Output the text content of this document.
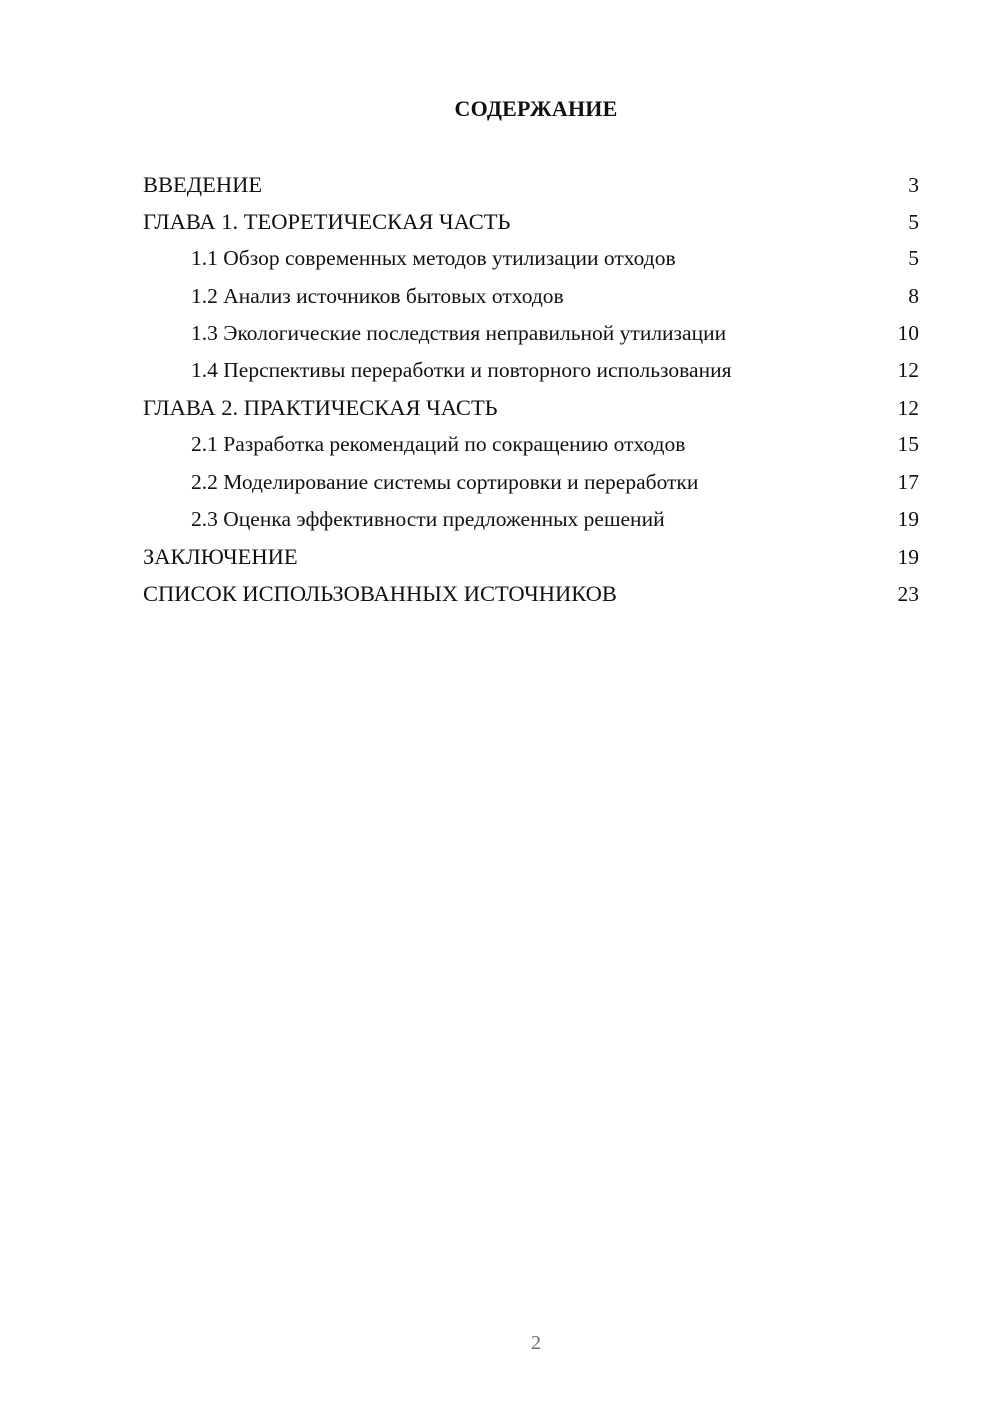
СОДЕРЖАНИЕ
ВВЕДЕНИЕ	3
ГЛАВА 1. ТЕОРЕТИЧЕСКАЯ ЧАСТЬ	5
1.1 Обзор современных методов утилизации отходов	5
1.2 Анализ источников бытовых отходов	8
1.3 Экологические последствия неправильной утилизации	10
1.4 Перспективы переработки и повторного использования	12
ГЛАВА 2. ПРАКТИЧЕСКАЯ ЧАСТЬ	12
2.1 Разработка рекомендаций по сокращению отходов	15
2.2 Моделирование системы сортировки и переработки	17
2.3 Оценка эффективности предложенных решений	19
ЗАКЛЮЧЕНИЕ	19
СПИСОК ИСПОЛЬЗОВАННЫХ ИСТОЧНИКОВ	23
2
